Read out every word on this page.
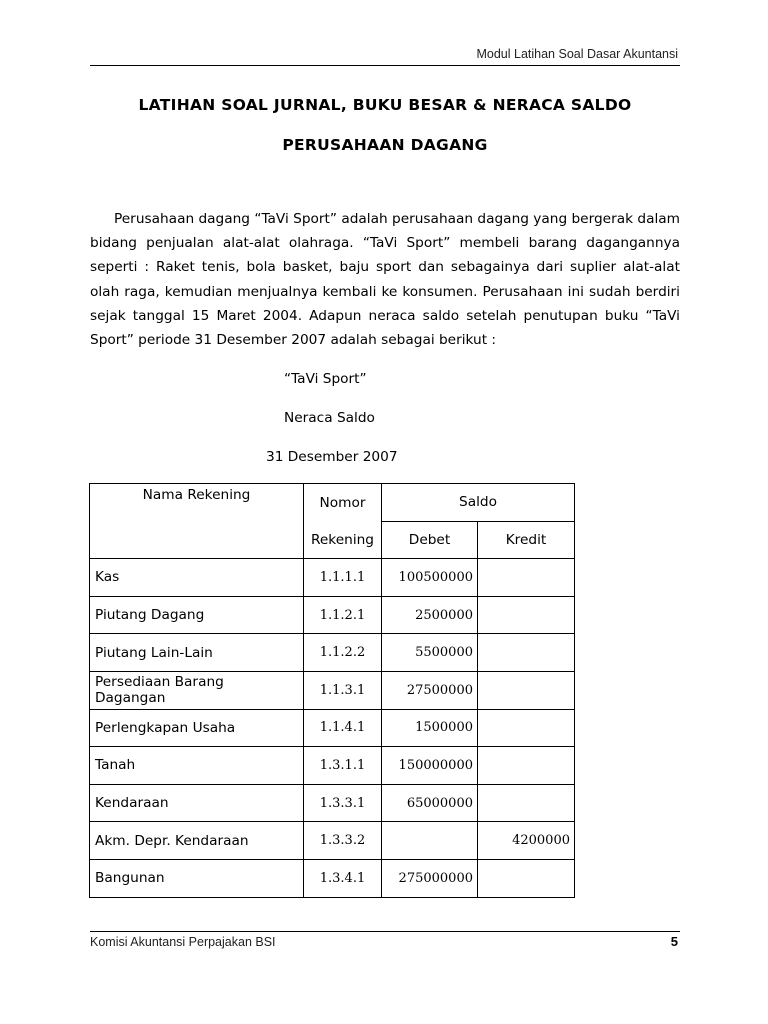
Modul Latihan Soal Dasar Akuntansi
LATIHAN SOAL JURNAL, BUKU BESAR & NERACA SALDO
PERUSAHAAN DAGANG
Perusahaan dagang “TaVi Sport” adalah perusahaan dagang yang bergerak dalam bidang penjualan alat-alat olahraga. “TaVi Sport” membeli barang dagangannya seperti : Raket tenis, bola basket, baju sport dan sebagainya dari suplier alat-alat olah raga, kemudian menjualnya kembali ke konsumen. Perusahaan ini sudah berdiri sejak tanggal 15 Maret 2004. Adapun neraca saldo setelah penutupan buku “TaVi Sport” periode 31 Desember 2007 adalah sebagai berikut :
“TaVi Sport”
Neraca Saldo
31 Desember 2007
Nama Rekening	Nomor	Saldo	
	Rekening	Debet	Kredit
Kas	1.1.1.1	100500000	
Piutang Dagang	1.1.2.1	2500000	
Piutang Lain-Lain	1.1.2.2	5500000	
Persediaan Barang Dagangan	1.1.3.1	27500000	
Perlengkapan Usaha	1.1.4.1	1500000	
Tanah	1.3.1.1	150000000	
Kendaraan	1.3.3.1	65000000	
Akm. Depr. Kendaraan	1.3.3.2		4200000
Bangunan	1.3.4.1	275000000	
Komisi Akuntansi Perpajakan BSI	5
